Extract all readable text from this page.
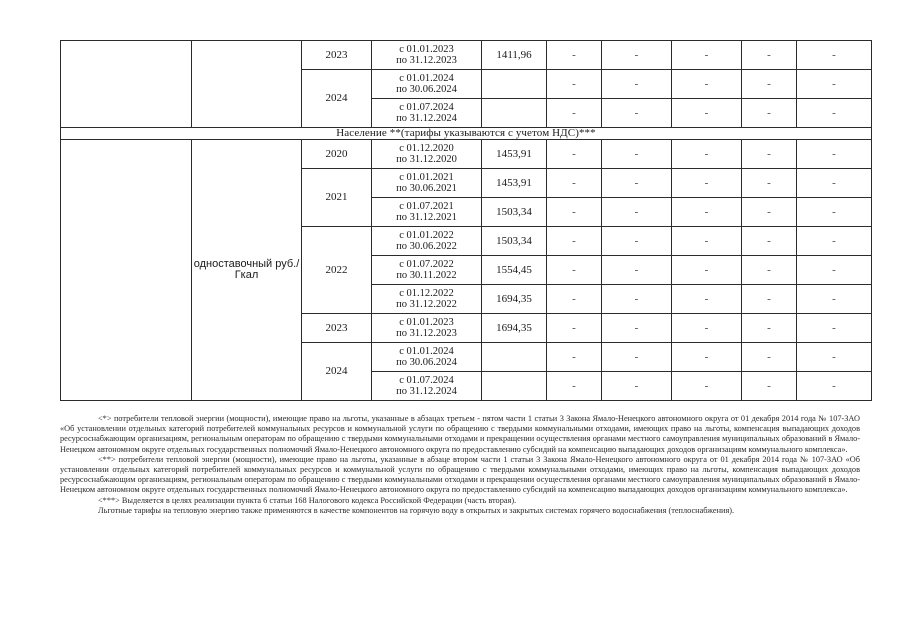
		2023	с 01.01.2023
по 31.12.2023	1411,96	-	-	-	-	-	
		2024	с 01.01.2024
по 30.06.2024		-	-	-	-	-	

			с 01.07.2024
по 31.12.2024		-	-	-	-	-	
Население **(тарифы указываются с учетом НДС)***										
	одноставочный руб./Гкал	2020	с 01.12.2020
по 31.12.2020	1453,91	-	-	-	-	-	
		2021	с 01.01.2021
по 30.06.2021	1453,91	-	-	-	-	-	

			с 01.07.2021
по 31.12.2021	1503,34	-	-	-	-	-	
		2022	с 01.01.2022
по 30.06.2022	1503,34	-	-	-	-	-	

			с 01.07.2022
по 30.11.2022	1554,45	-	-	-	-	-	

			с 01.12.2022
по 31.12.2022	1694,35	-	-	-	-	-	
		2023	с 01.01.2023
по 31.12.2023	1694,35	-	-	-	-	-	
		2024	с 01.01.2024
по 30.06.2024		-	-	-	-	-	

			с 01.07.2024
по 31.12.2024		-	-	-	-	-	

<*> потребители тепловой энергии (мощности), имеющие право на льготы, указанные в абзацах третьем - пятом части 1 статьи 3 Закона Ямало-Ненецкого автономного округа от 01 декабря 2014 года № 107-ЗАО «Об установлении отдельных категорий потребителей коммунальных ресурсов и коммунальной услуги по обращению с твердыми коммунальными отходами, имеющих право на льготы, компенсация выпадающих доходов ресурсоснабжающим организациям, региональным операторам по обращению с твердыми коммунальными отходами и прекращении осуществления органами местного самоуправления муниципальных образований в Ямало-Ненецком автономном округе отдельных государственных полномочий Ямало-Ненецкого автономного округа по предоставлению субсидий на компенсацию выпадающих доходов организациям коммунального комплекса».

<**> потребители тепловой энергии (мощности), имеющие право на льготы, указанные в абзаце втором части 1 статьи 3 Закона Ямало-Ненецкого автономного округа от 01 декабря 2014 года № 107-ЗАО «Об установлении отдельных категорий потребителей коммунальных ресурсов и коммунальной услуги по обращению с твердыми коммунальными отходами, имеющих право на льготы, компенсация выпадающих доходов ресурсоснабжающим организациям, региональным операторам по обращению с твердыми коммунальными отходами и прекращении осуществления органами местного самоуправления муниципальных образований в Ямало-Ненецком автономном округе отдельных государственных полномочий Ямало-Ненецкого автономного округа по предоставлению субсидий на компенсацию выпадающих доходов организациям коммунального комплекса».

<***> Выделяется в целях реализации пункта 6 статьи 168 Налогового кодекса Российской Федерации (часть вторая).

Льготные тарифы на тепловую энергию также применяются в качестве компонентов на горячую воду в открытых и закрытых системах горячего водоснабжения (теплоснабжения).
